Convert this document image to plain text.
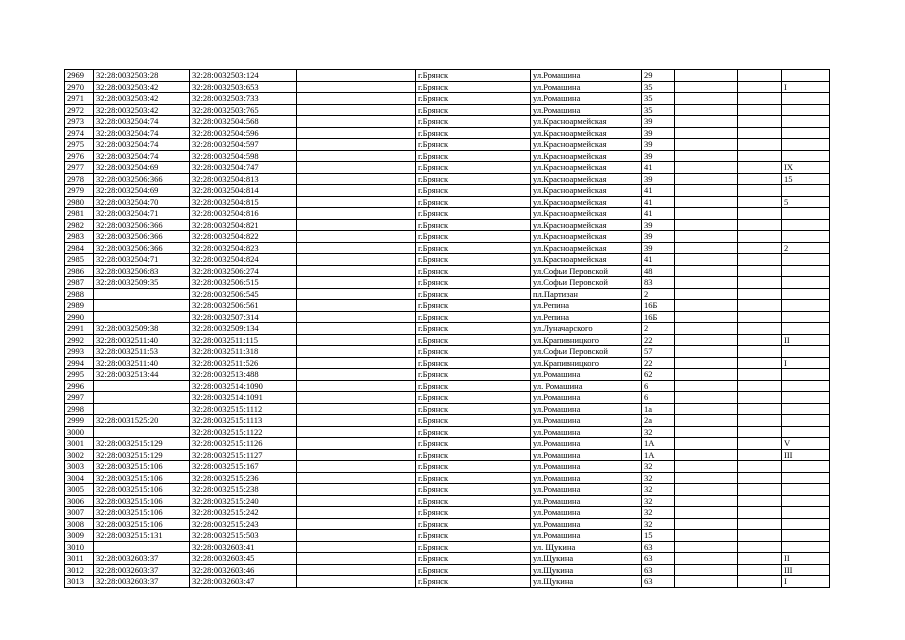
2969	32:28:0032503:28	32:28:0032503:124		г.Брянск	ул.Ромашина	29			
2970	32:28:0032503:42	32:28:0032503:653		г.Брянск	ул.Ромашина	35			I
2971	32:28:0032503:42	32:28:0032503:733		г.Брянск	ул.Ромашина	35			
2972	32:28:0032503:42	32:28:0032503:765		г.Брянск	ул.Ромашина	35			
2973	32:28:0032504:74	32:28:0032504:568		г.Брянск	ул.Красноармейская	39			
2974	32:28:0032504:74	32:28:0032504:596		г.Брянск	ул.Красноармейская	39			
2975	32:28:0032504:74	32:28:0032504:597		г.Брянск	ул.Красноармейская	39			
2976	32:28:0032504:74	32:28:0032504:598		г.Брянск	ул.Красноармейская	39			
2977	32:28:0032504:69	32:28:0032504:747		г.Брянск	ул.Красноармейская	41			IX
2978	32:28:0032506:366	32:28:0032504:813		г.Брянск	ул.Красноармейская	39			15
2979	32:28:0032504:69	32:28:0032504:814		г.Брянск	ул.Красноармейская	41			
2980	32:28:0032504:70	32:28:0032504:815		г.Брянск	ул.Красноармейская	41			5
2981	32:28:0032504:71	32:28:0032504:816		г.Брянск	ул.Красноармейская	41			
2982	32:28:0032506:366	32:28:0032504:821		г.Брянск	ул.Красноармейская	39			
2983	32:28:0032506:366	32:28:0032504:822		г.Брянск	ул.Красноармейская	39			
2984	32:28:0032506:366	32:28:0032504:823		г.Брянск	ул.Красноармейская	39			2
2985	32:28:0032504:71	32:28:0032504:824		г.Брянск	ул.Красноармейская	41			
2986	32:28:0032506:83	32:28:0032506:274		г.Брянск	ул.Софьи Перовской	48			
2987	32:28:0032509:35	32:28:0032506:515		г.Брянск	ул.Софьи Перовской	83			
2988		32:28:0032506:545		г.Брянск	пл.Партизан	2			
2989		32:28:0032506:561		г.Брянск	ул.Репина	16Б			
2990		32:28:0032507:314		г.Брянск	ул.Репина	16Б			
2991	32:28:0032509:38	32:28:0032509:134		г.Брянск	ул.Луначарского	2			
2992	32:28:0032511:40	32:28:0032511:115		г.Брянск	ул.Крапивницкого	22			II
2993	32:28:0032511:53	32:28:0032511:318		г.Брянск	ул.Софьи Перовской	57			
2994	32:28:0032511:40	32:28:0032511:526		г.Брянск	ул.Крапивницкого	22			I
2995	32:28:0032513:44	32:28:0032513:488		г.Брянск	ул.Ромашина	62			
2996		32:28:0032514:1090		г.Брянск	ул. Ромашина	6			
2997		32:28:0032514:1091		г.Брянск	ул.Ромашина	6			
2998		32:28:0032515:1112		г.Брянск	ул.Ромашина	1а			
2999	32:28:0031525:20	32:28:0032515:1113		г.Брянск	ул.Ромашина	2а			
3000		32:28:0032515:1122		г.Брянск	ул.Ромашина	32			
3001	32:28:0032515:129	32:28:0032515:1126		г.Брянск	ул.Ромашина	1А			V
3002	32:28:0032515:129	32:28:0032515:1127		г.Брянск	ул.Ромашина	1А			III
3003	32:28:0032515:106	32:28:0032515:167		г.Брянск	ул.Ромашина	32			
3004	32:28:0032515:106	32:28:0032515:236		г.Брянск	ул.Ромашина	32			
3005	32:28:0032515:106	32:28:0032515:238		г.Брянск	ул.Ромашина	32			
3006	32:28:0032515:106	32:28:0032515:240		г.Брянск	ул.Ромашина	32			
3007	32:28:0032515:106	32:28:0032515:242		г.Брянск	ул.Ромашина	32			
3008	32:28:0032515:106	32:28:0032515:243		г.Брянск	ул.Ромашина	32			
3009	32:28:0032515:131	32:28:0032515:503		г.Брянск	ул.Ромашина	15			
3010		32:28:0032603:41		г.Брянск	ул. Щукина	63			
3011	32:28:0032603:37	32:28:0032603:45		г.Брянск	ул.Щукина	63			II
3012	32:28:0032603:37	32:28:0032603:46		г.Брянск	ул.Щукина	63			III
3013	32:28:0032603:37	32:28:0032603:47		г.Брянск	ул.Щукина	63			I
